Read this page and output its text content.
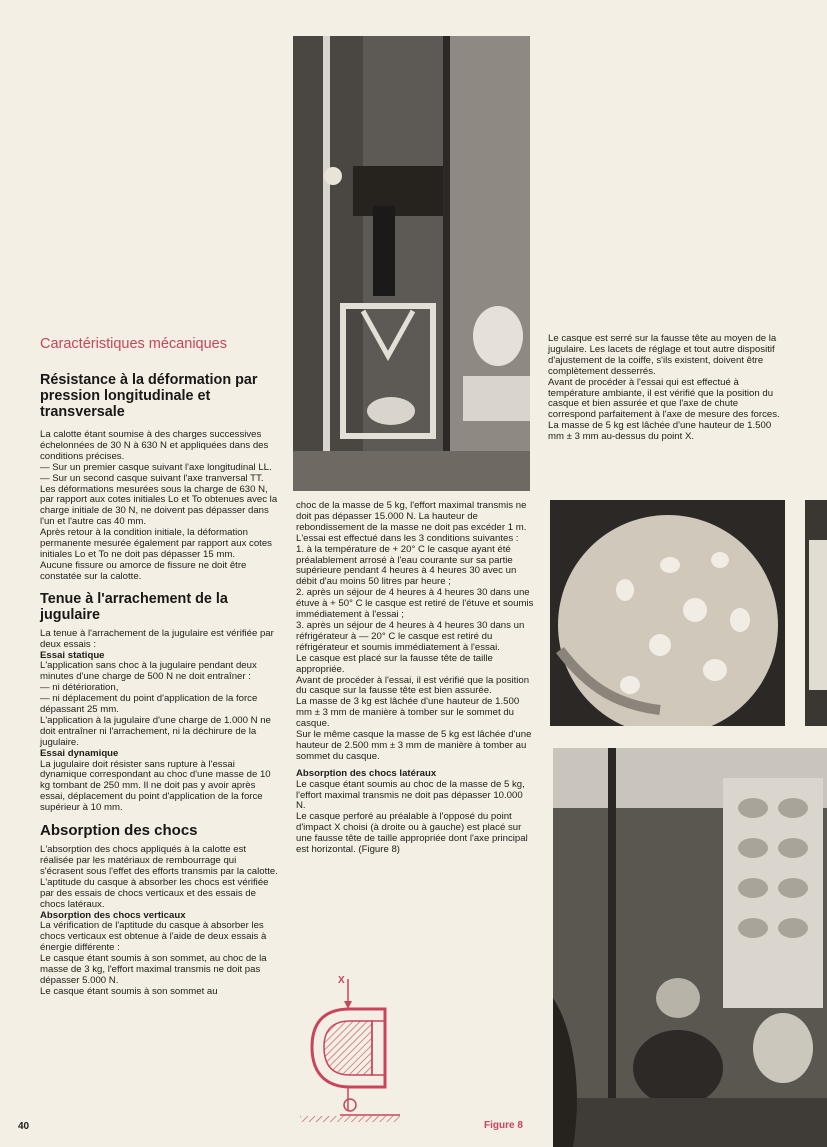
Caractéristiques mécaniques
Résistance à la déformation par pression longitudinale et transversale

La calotte étant soumise à des charges successives échelonnées de 30 N à 630 N et appliquées dans des conditions précises.

— Sur un premier casque suivant l'axe longitudinal LL.

— Sur un second casque suivant l'axe tranversal TT.

Les déformations mesurées sous la charge de 630 N, par rapport aux cotes initiales Lo et To obtenues avec la charge initiale de 30 N, ne doivent pas dépasser dans l'un et l'autre cas 40 mm.

Après retour à la condition initiale, la déformation permanente mesurée également par rapport aux cotes initiales Lo et To ne doit pas dépasser 15 mm.

Aucune fissure ou amorce de fissure ne doit être constatée sur la calotte.

Tenue à l'arrachement de la jugulaire

La tenue à l'arrachement de la jugulaire est vérifiée par deux essais :

Essai statique

L'application sans choc à la jugulaire pendant deux minutes d'une charge de 500 N ne doit entraîner :

— ni détérioration,

— ni déplacement du point d'application de la force dépassant 25 mm.

L'application à la jugulaire d'une charge de 1.000 N ne doit entraîner ni l'arrachement, ni la déchirure de la jugulaire.

Essai dynamique

La jugulaire doit résister sans rupture à l'essai dynamique correspondant au choc d'une masse de 10 kg tombant de 250 mm. Il ne doit pas y avoir après essai, déplacement du point d'application de la force supérieur à 10 mm.

Absorption des chocs

L'absorption des chocs appliqués à la calotte est réalisée par les matériaux de rembourrage qui s'écrasent sous l'effet des efforts transmis par la calotte.

L'aptitude du casque à absorber les chocs est vérifiée par des essais de chocs verticaux et des essais de chocs latéraux.

Absorption des chocs verticaux

La vérification de l'aptitude du casque à absorber les chocs verticaux est obtenue à l'aide de deux essais à énergie différente :

Le casque étant soumis à son sommet, au choc de la masse de 3 kg, l'effort maximal transmis ne doit pas dépasser 5.000 N.

Le casque étant soumis à son sommet au

choc de la masse de 5 kg, l'effort maximal transmis ne doit pas dépasser 15.000 N. La hauteur de rebondissement de la masse ne doit pas excéder 1 m.

L'essai est effectué dans les 3 conditions suivantes :

1. à la température de + 20° C le casque ayant été préalablement arrosé à l'eau courante sur sa partie supérieure pendant 4 heures à 4 heures 30 avec un débit d'au moins 50 litres par heure ;

2. après un séjour de 4 heures à 4 heures 30 dans une étuve à + 50° C le casque est retiré de l'étuve et soumis immédiatement à l'essai ;

3. après un séjour de 4 heures à 4 heures 30 dans un réfrigérateur à — 20° C le casque est retiré du réfrigérateur et soumis immédiatement à l'essai.

Le casque est placé sur la fausse tête de taille appropriée.

Avant de procéder à l'essai, il est vérifié que la position du casque sur la fausse tête est bien assurée.

La masse de 3 kg est lâchée d'une hauteur de 1.500 mm ± 3 mm de manière à tomber sur le sommet du casque.

Sur le même casque la masse de 5 kg est lâchée d'une hauteur de 2.500 mm ± 3 mm de manière à tomber au sommet du casque.

Absorption des chocs latéraux

Le casque étant soumis au choc de la masse de 5 kg, l'effort maximal transmis ne doit pas dépasser 10.000 N.

Le casque perforé au préalable à l'opposé du point d'impact X choisi (à droite ou à gauche) est placé sur une fausse tête de taille appropriée dont l'axe principal est horizontal. (Figure 8)

X

Le casque est serré sur la fausse tête au moyen de la jugulaire. Les lacets de réglage et tout autre dispositif d'ajustement de la coiffe, s'ils existent, doivent être complètement desserrés.

Avant de procéder à l'essai qui est effectué à température ambiante, il est vérifié que la position du casque et bien assurée et que l'axe de chute correspond parfaitement à l'axe de mesure des forces.

La masse de 5 kg est lâchée d'une hauteur de 1.500 mm ± 3 mm au-dessus du point X.

40	Figure 8
